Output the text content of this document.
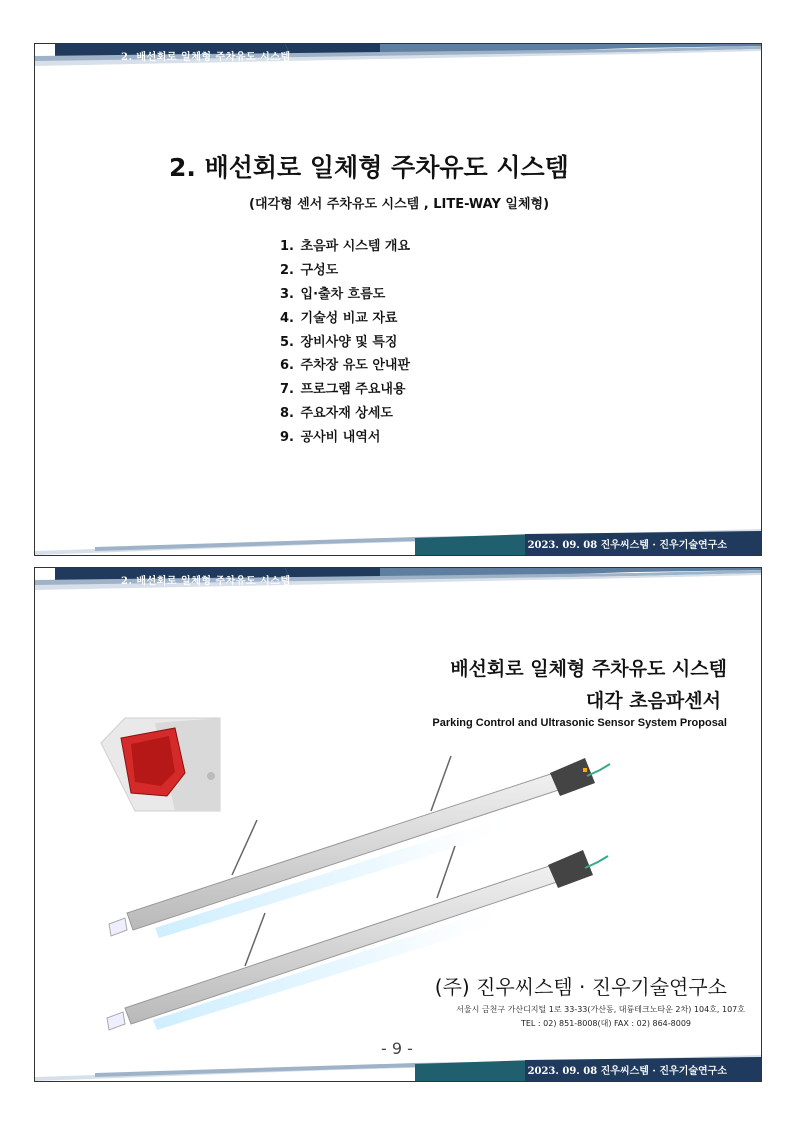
2. 배선회로 일체형 주차유도 시스템
2. 배선회로 일체형 주차유도 시스템
(대각형 센서 주차유도 시스템 , LITE-WAY 일체형)
1. 초음파 시스템 개요
2. 구성도
3. 입·출차 흐름도
4. 기술성 비교 자료
5. 장비사양 및 특징
6. 주차장 유도 안내판
7. 프로그램 주요내용
8. 주요자재 상세도
9. 공사비 내역서
2023. 09. 08 진우씨스템 · 진우기술연구소
2. 배선회로 일체형 주차유도 시스템
배선회로 일체형 주차유도 시스템
대각 초음파센서
Parking Control and Ultrasonic Sensor System Proposal
(주) 진우씨스템 · 진우기술연구소
서울시 금천구 가산디지털 1로 33-33(가산동, 대륭테크노타운 2차) 104호, 107호
TEL : 02) 851-8008(대) FAX : 02) 864-8009
- 9 -
2023. 09. 08 진우씨스템 · 진우기술연구소
